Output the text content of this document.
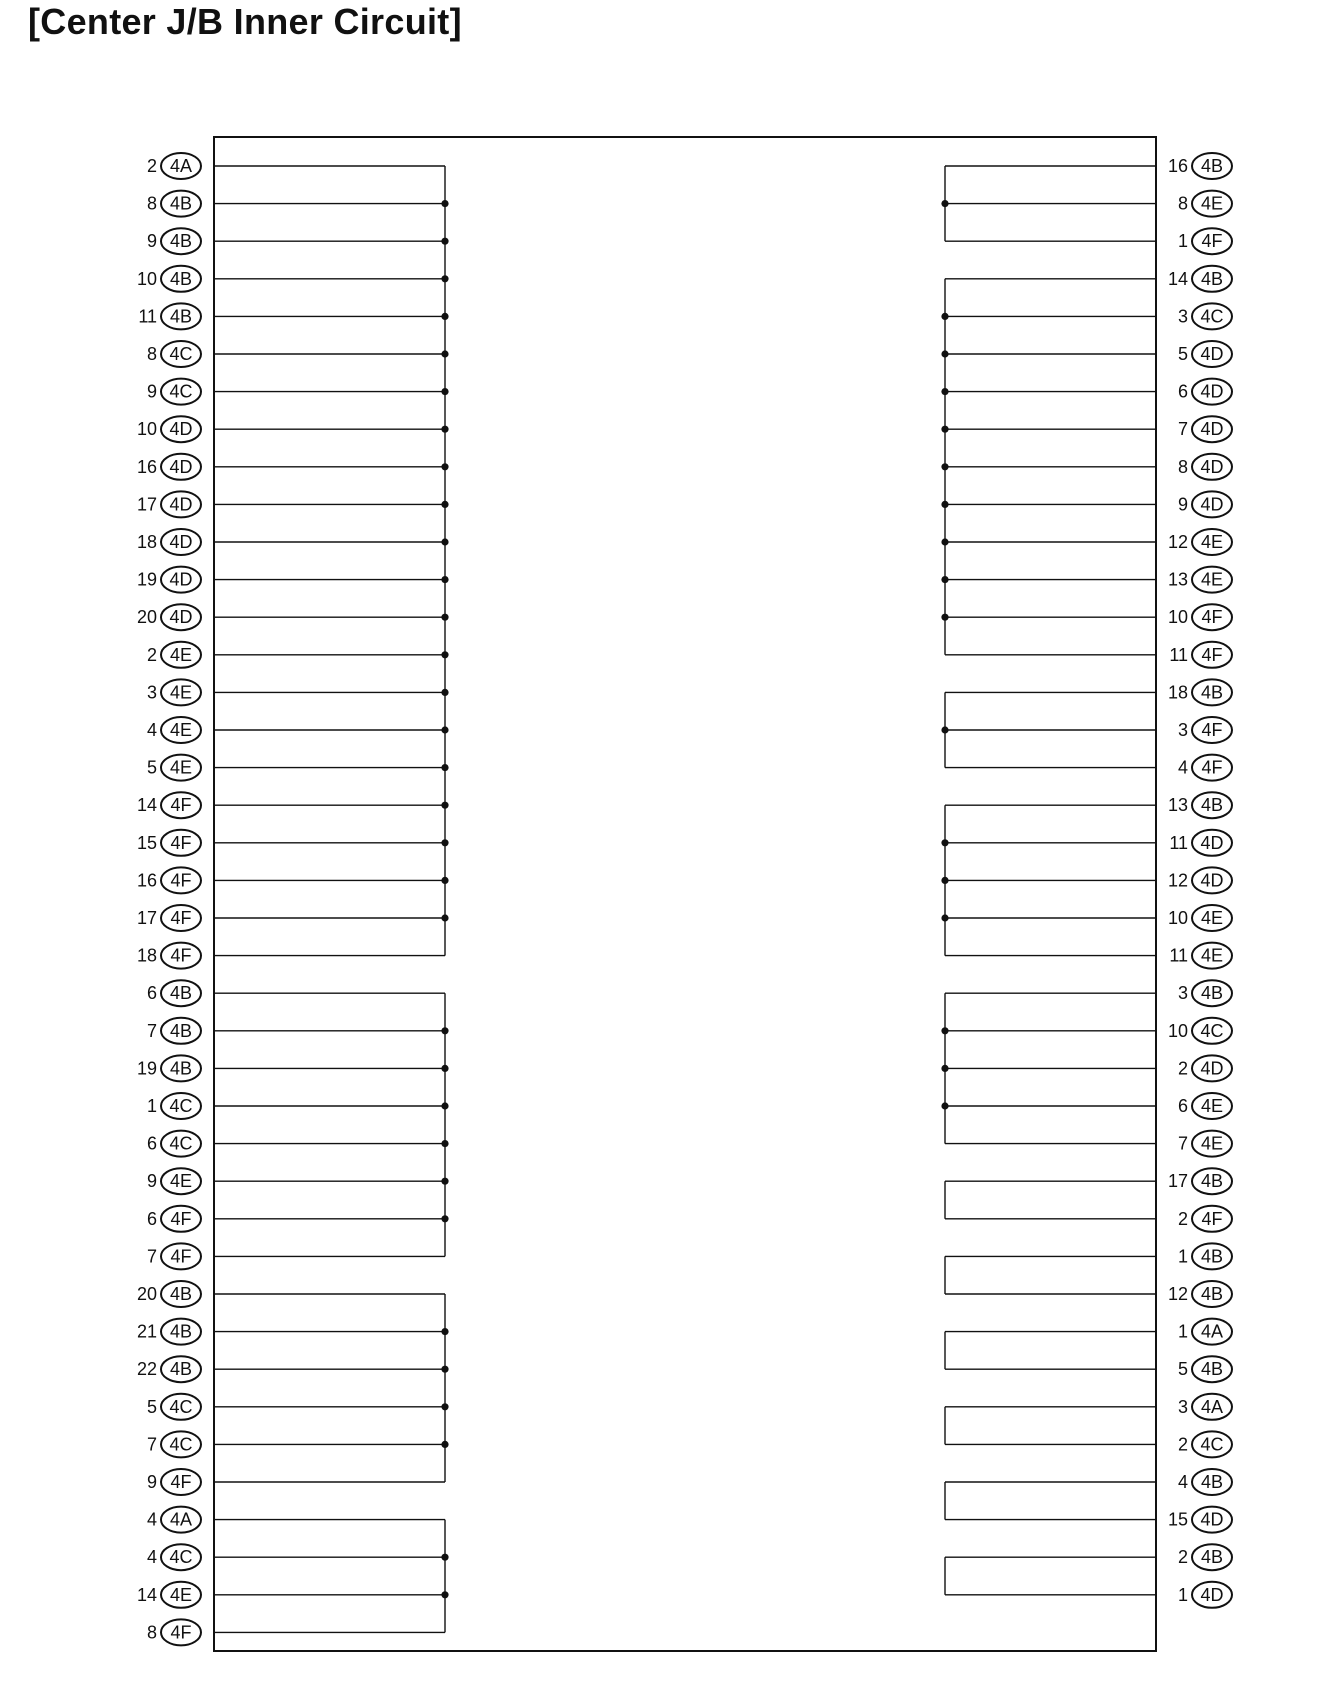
[Center J/B Inner Circuit]
2 4A
8 4B
9 4B
10 4B
11 4B
8 4C
9 4C
10 4D
16 4D
17 4D
18 4D
19 4D
20 4D
2 4E
3 4E
4 4E
5 4E
14 4F
15 4F
16 4F
17 4F
18 4F
6 4B
7 4B
19 4B
1 4C
6 4C
9 4E
6 4F
7 4F
20 4B
21 4B
22 4B
5 4C
7 4C
9 4F
4 4A
4 4C
14 4E
8 4F
16 4B
8 4E
1 4F
14 4B
3 4C
5 4D
6 4D
7 4D
8 4D
9 4D
12 4E
13 4E
10 4F
11 4F
18 4B
3 4F
4 4F
13 4B
11 4D
12 4D
10 4E
11 4E
3 4B
10 4C
2 4D
6 4E
7 4E
17 4B
2 4F
1 4B
12 4B
1 4A
5 4B
3 4A
2 4C
4 4B
15 4D
2 4B
1 4D
